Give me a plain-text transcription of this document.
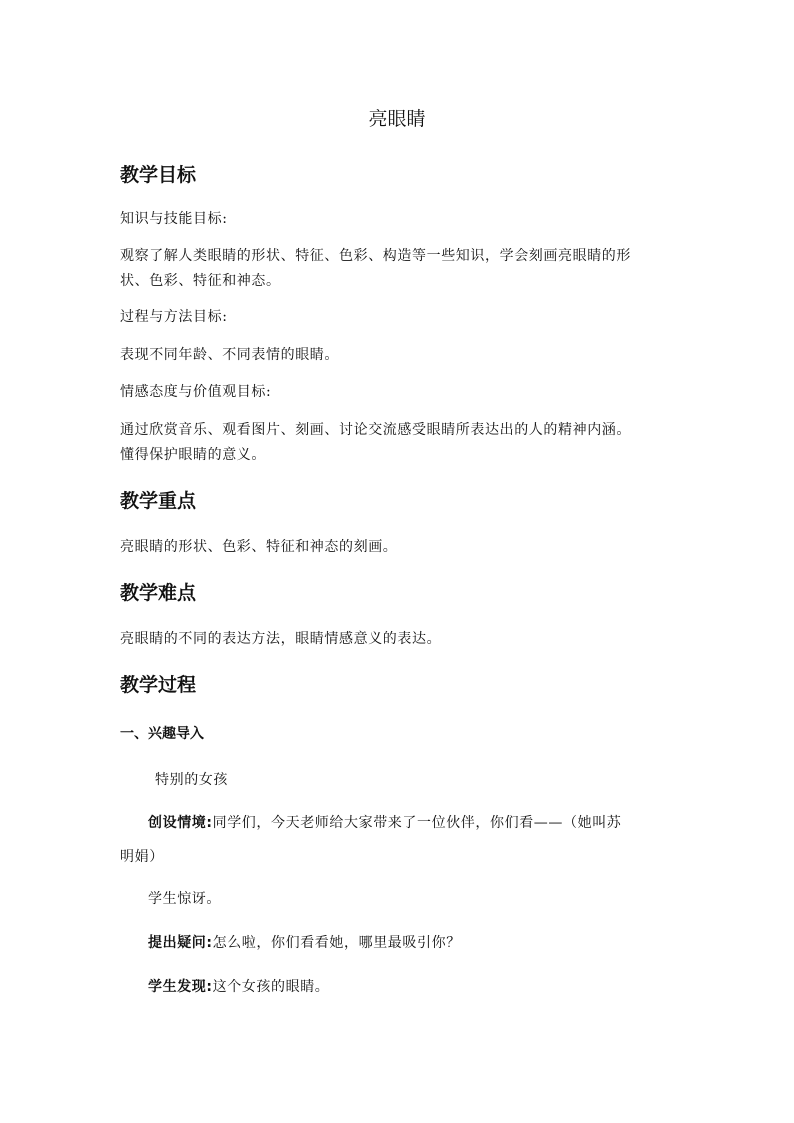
亮眼睛
教学目标
知识与技能目标:
观察了解人类眼睛的形状、特征、色彩、构造等一些知识，学会刻画亮眼睛的形
状、色彩、特征和神态。
过程与方法目标:
表现不同年龄、不同表情的眼睛。
情感态度与价值观目标:
通过欣赏音乐、观看图片、刻画、讨论交流感受眼睛所表达出的人的精神内涵。
懂得保护眼睛的意义。
教学重点
亮眼睛的形状、色彩、特征和神态的刻画。
教学难点
亮眼睛的不同的表达方法，眼睛情感意义的表达。
教学过程
一、兴趣导入
特别的女孩
创设情境:同学们，今天老师给大家带来了一位伙伴，你们看——（她叫苏
明娟）
学生惊讶。
提出疑问:怎么啦，你们看看她，哪里最吸引你？
学生发现:这个女孩的眼睛。
